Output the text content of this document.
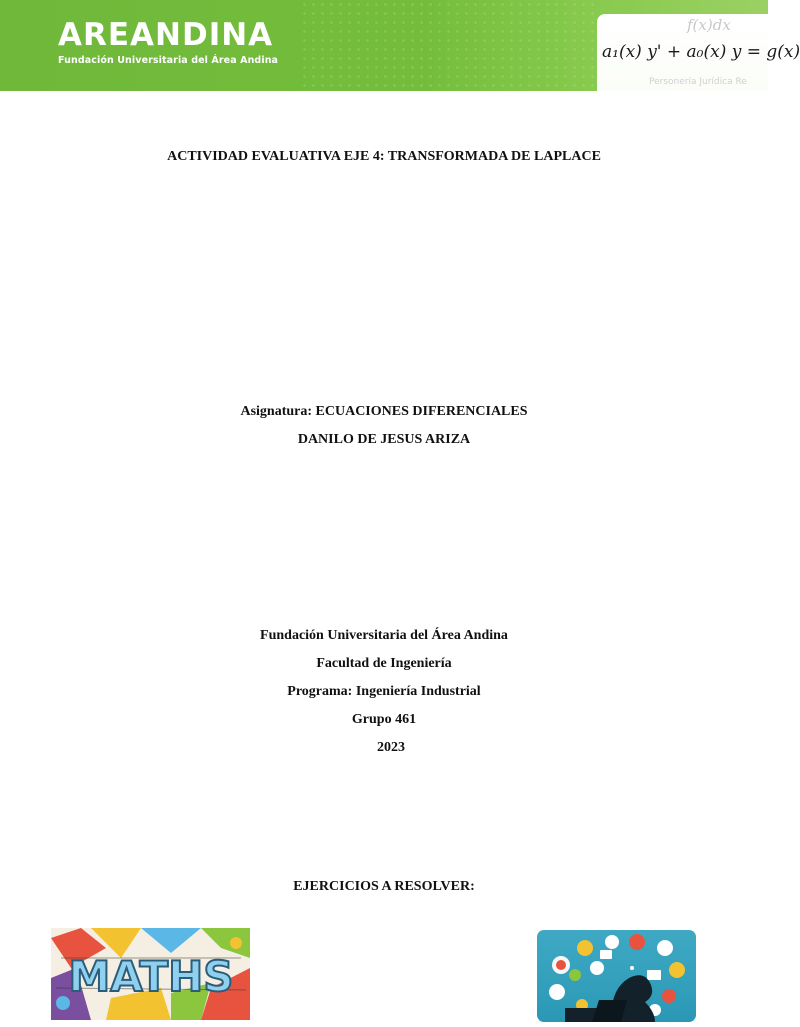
AREANDINA
Fundación Universitaria del Área Andina
f(x)dx
a₁(x) y' + a₀(x) y = g(x)
Personería Jurídica Re
ACTIVIDAD EVALUATIVA EJE 4: TRANSFORMADA DE LAPLACE
Asignatura: ECUACIONES DIFERENCIALES
DANILO DE JESUS ARIZA
Fundación Universitaria del Área Andina
Facultad de Ingeniería
Programa: Ingeniería Industrial
Grupo 461
2023
EJERCICIOS A RESOLVER:
MATHS
